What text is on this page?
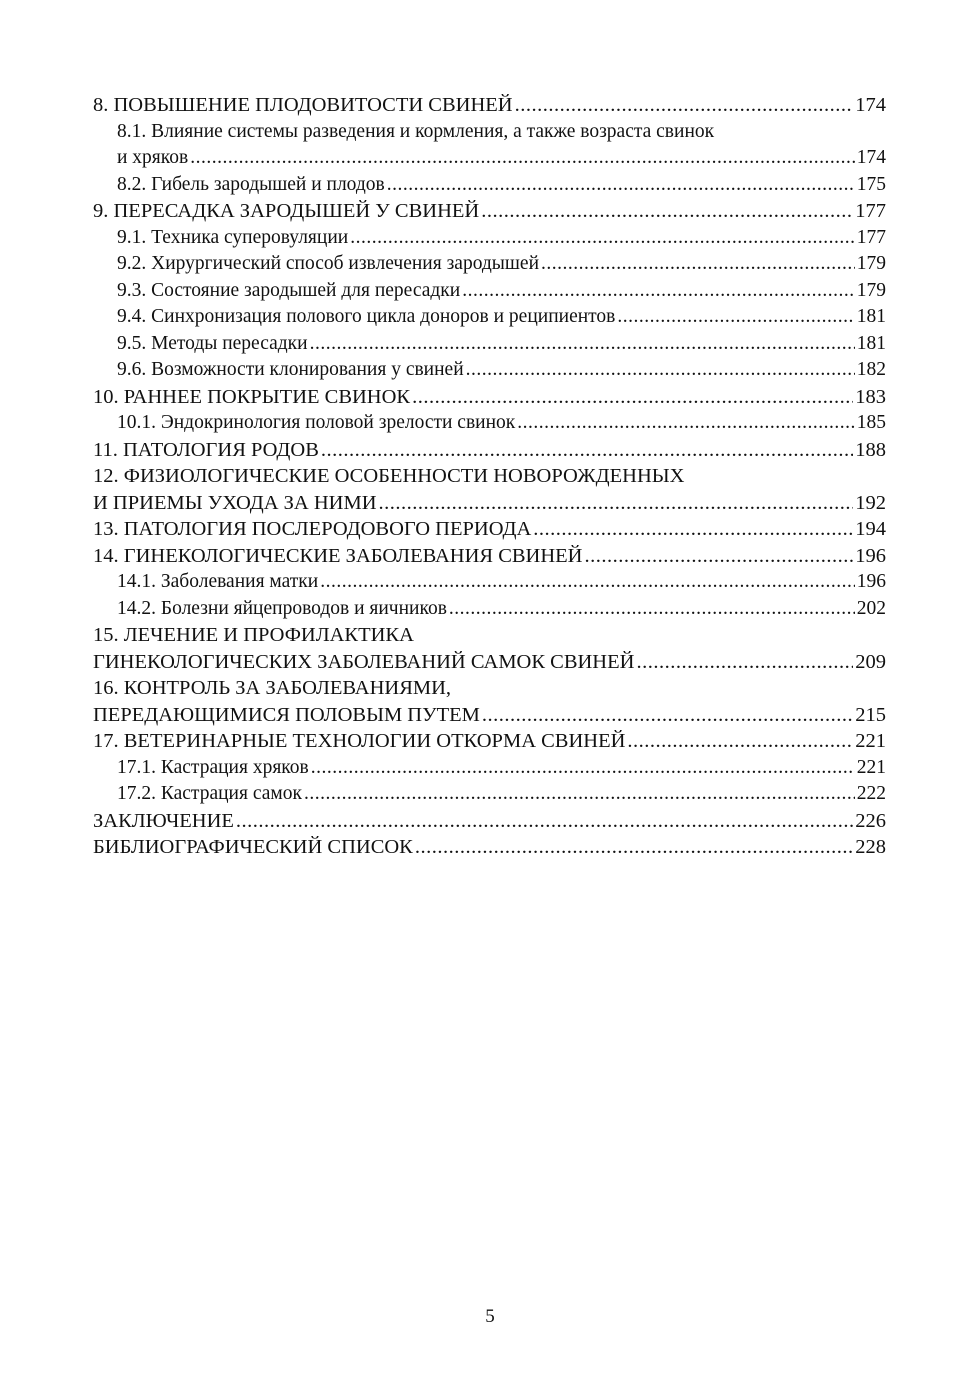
8. ПОВЫШЕНИЕ ПЛОДОВИТОСТИ СВИНЕЙ .....	174
8.1. Влияние системы разведения и кормления, а также возраста свинок
и хряков .....	174
8.2. Гибель зародышей и плодов .....	175
9. ПЕРЕСАДКА ЗАРОДЫШЕЙ У СВИНЕЙ .....	177
9.1. Техника суперовуляции .....	177
9.2. Хирургический способ извлечения зародышей .....	179
9.3. Состояние зародышей для пересадки .....	179
9.4. Синхронизация полового цикла доноров и реципиентов .....	181
9.5. Методы пересадки .....	181
9.6. Возможности клонирования у свиней .....	182
10. РАННЕЕ ПОКРЫТИЕ СВИНОК .....	183
10.1. Эндокринология половой зрелости свинок .....	185
11. ПАТОЛОГИЯ РОДОВ .....	188
12. ФИЗИОЛОГИЧЕСКИЕ ОСОБЕННОСТИ НОВОРОЖДЕННЫХ
И ПРИЕМЫ УХОДА ЗА НИМИ .....	192
13. ПАТОЛОГИЯ ПОСЛЕРОДОВОГО ПЕРИОДА .....	194
14. ГИНЕКОЛОГИЧЕСКИЕ ЗАБОЛЕВАНИЯ СВИНЕЙ .....	196
14.1. Заболевания матки .....	196
14.2. Болезни яйцепроводов и яичников .....	202
15. ЛЕЧЕНИЕ И ПРОФИЛАКТИКА
ГИНЕКОЛОГИЧЕСКИХ ЗАБОЛЕВАНИЙ САМОК СВИНЕЙ .....	209
16. КОНТРОЛЬ ЗА ЗАБОЛЕВАНИЯМИ,
ПЕРЕДАЮЩИМИСЯ ПОЛОВЫМ ПУТЕМ .....	215
17. ВЕТЕРИНАРНЫЕ ТЕХНОЛОГИИ ОТКОРМА СВИНЕЙ .....	221
17.1. Кастрация хряков .....	221
17.2. Кастрация самок .....	222
ЗАКЛЮЧЕНИЕ .....	226
БИБЛИОГРАФИЧЕСКИЙ СПИСОК .....	228
5
